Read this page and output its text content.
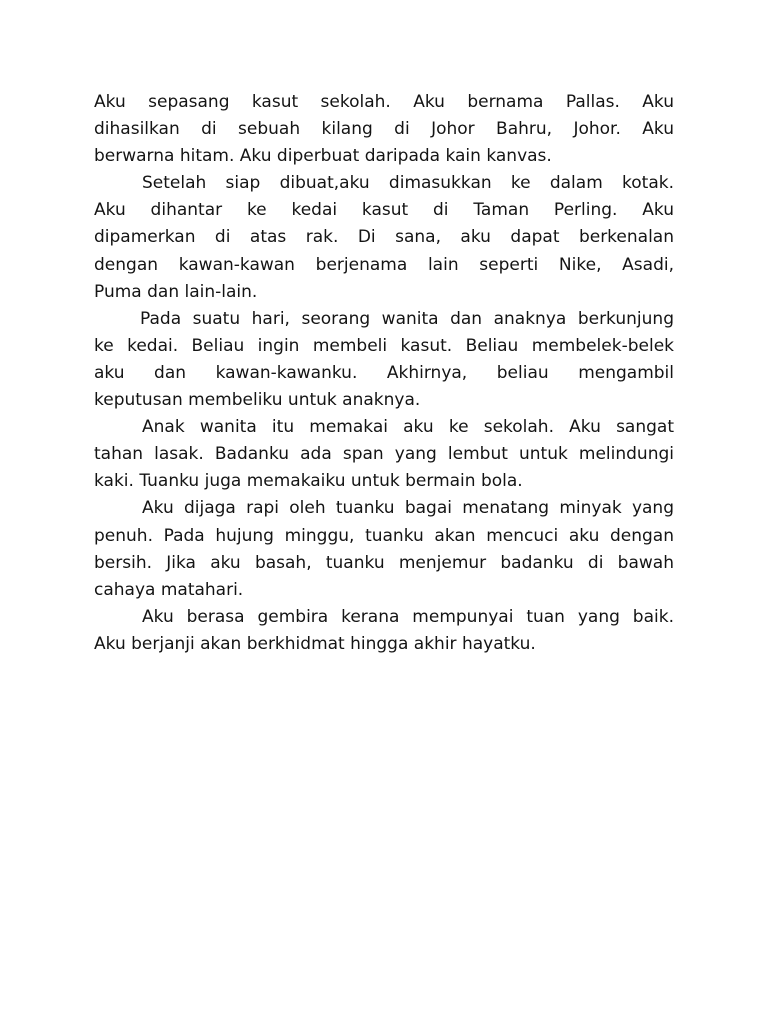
Aku sepasang kasut sekolah. Aku bernama Pallas. Aku
dihasilkan di sebuah kilang di Johor Bahru, Johor. Aku
berwarna hitam. Aku diperbuat daripada kain kanvas.
Setelah siap dibuat,aku dimasukkan ke dalam kotak.
Aku dihantar ke kedai kasut di Taman Perling. Aku
dipamerkan di atas rak. Di sana, aku dapat berkenalan
dengan kawan-kawan berjenama lain seperti Nike, Asadi,
Puma dan lain-lain.
Pada suatu hari, seorang wanita dan anaknya berkunjung
ke kedai. Beliau ingin membeli kasut. Beliau membelek-belek
aku dan kawan-kawanku. Akhirnya, beliau mengambil
keputusan membeliku untuk anaknya.
Anak wanita itu memakai aku ke sekolah. Aku sangat
tahan lasak. Badanku ada span yang lembut untuk melindungi
kaki. Tuanku juga memakaiku untuk bermain bola.
Aku dijaga rapi oleh tuanku bagai menatang minyak yang
penuh. Pada hujung minggu, tuanku akan mencuci aku dengan
bersih. Jika aku basah, tuanku menjemur badanku di bawah
cahaya matahari.
Aku berasa gembira kerana mempunyai tuan yang baik.
Aku berjanji akan berkhidmat hingga akhir hayatku.
